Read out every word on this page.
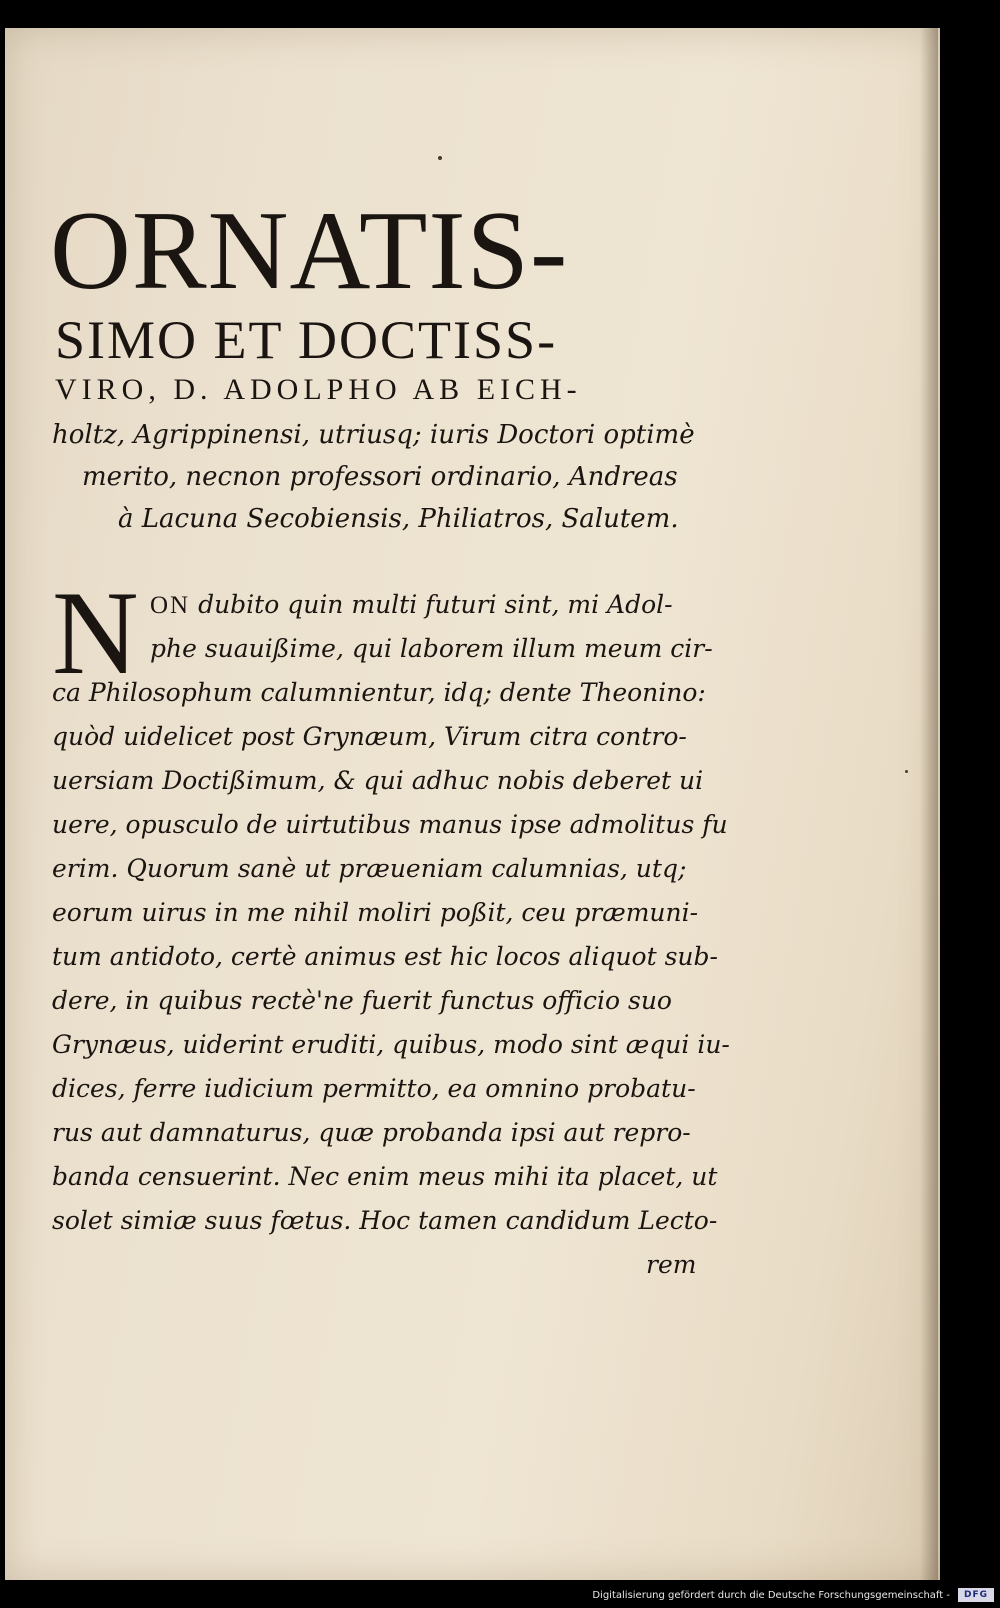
ORNATIS-
SIMO ET DOCTISS-
VIRO, D. ADOLPHO AB EICH-
holtz, Agrippinensi, utriusq; iuris Doctori optimè
merito, necnon professori ordinario, Andreas
à Lacuna Secobiensis, Philiatros, Salutem.
N ON dubito quin multi futuri sint, mi Adol-
phe suauißime, qui laborem illum meum cir-
ca Philosophum calumnientur, idq; dente Theonino:
quòd uidelicet post Grynæum, Virum citra contro-
uersiam Doctißimum, & qui adhuc nobis deberet ui
uere, opusculo de uirtutibus manus ipse admolitus fu
erim. Quorum sanè ut præueniam calumnias, utq;
eorum uirus in me nihil moliri poßit, ceu præmuni-
tum antidoto, certè animus est hic locos aliquot sub-
dere, in quibus rectè'ne fuerit functus officio suo
Grynæus, uiderint eruditi, quibus, modo sint æqui iu-
dices, ferre iudicium permitto, ea omnino probatu-
rus aut damnaturus, quæ probanda ipsi aut repro-
banda censuerint. Nec enim meus mihi ita placet, ut
solet simiæ suus fœtus. Hoc tamen candidum Lecto-
rem
Digitalisierung gefördert durch die Deutsche Forschungsgemeinschaft -	DFG
